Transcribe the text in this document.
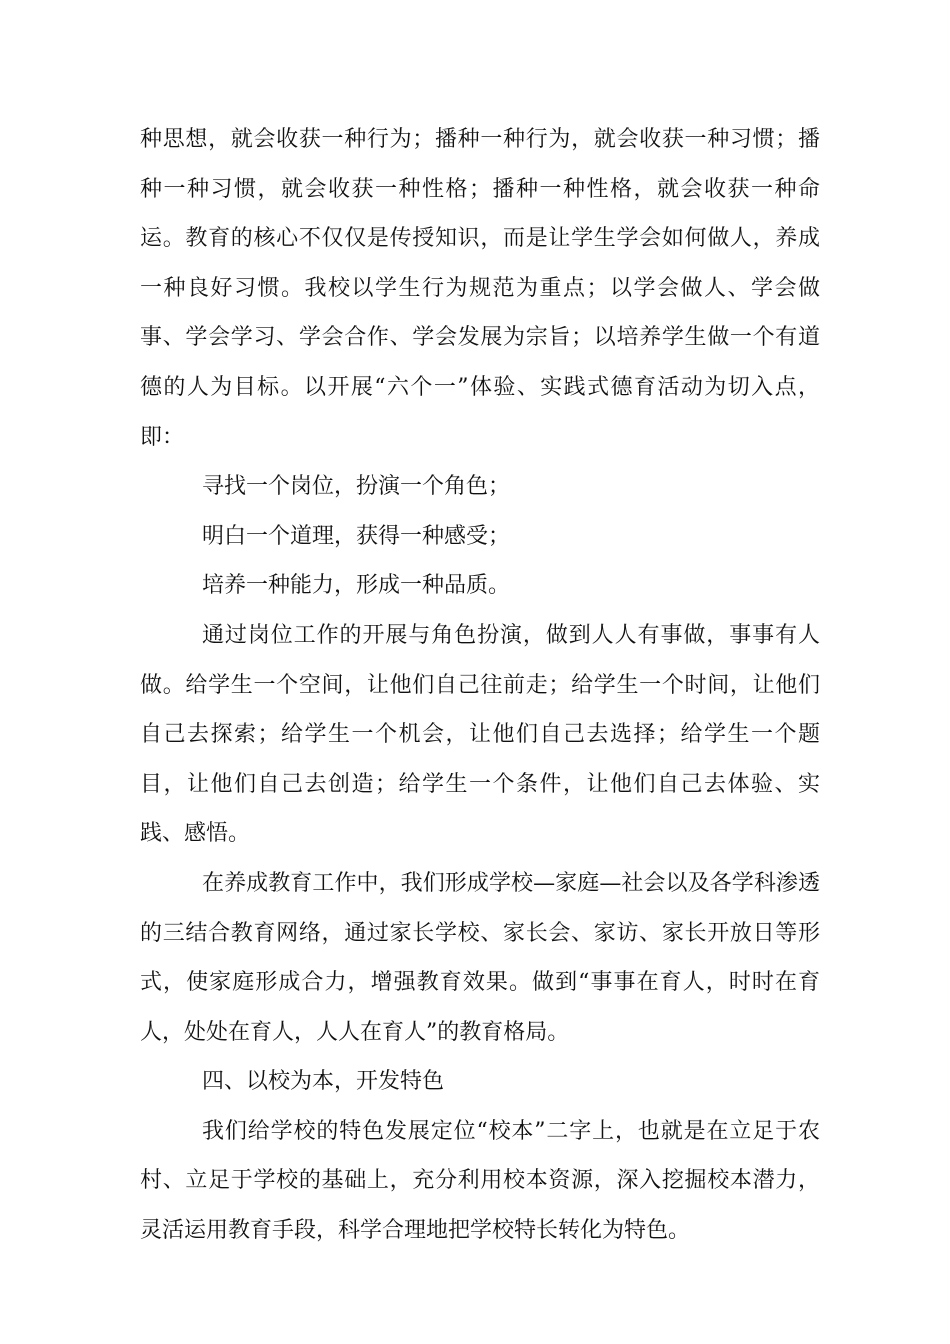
种思想，就会收获一种行为；播种一种行为，就会收获一种习惯；播种一种习惯，就会收获一种性格；播种一种性格，就会收获一种命运。教育的核心不仅仅是传授知识，而是让学生学会如何做人，养成一种良好习惯。我校以学生行为规范为重点；以学会做人、学会做事、学会学习、学会合作、学会发展为宗旨；以培养学生做一个有道德的人为目标。以开展“六个一”体验、实践式德育活动为切入点，即：

寻找一个岗位，扮演一个角色；

明白一个道理，获得一种感受；

培养一种能力，形成一种品质。

通过岗位工作的开展与角色扮演，做到人人有事做，事事有人做。给学生一个空间，让他们自己往前走；给学生一个时间，让他们自己去探索；给学生一个机会，让他们自己去选择；给学生一个题目，让他们自己去创造；给学生一个条件，让他们自己去体验、实践、感悟。

在养成教育工作中，我们形成学校—家庭—社会以及各学科渗透的三结合教育网络，通过家长学校、家长会、家访、家长开放日等形式，使家庭形成合力，增强教育效果。做到“事事在育人，时时在育人，处处在育人，人人在育人”的教育格局。

四、以校为本，开发特色

我们给学校的特色发展定位“校本”二字上，也就是在立足于农村、立足于学校的基础上，充分利用校本资源，深入挖掘校本潜力，灵活运用教育手段，科学合理地把学校特长转化为特色。
